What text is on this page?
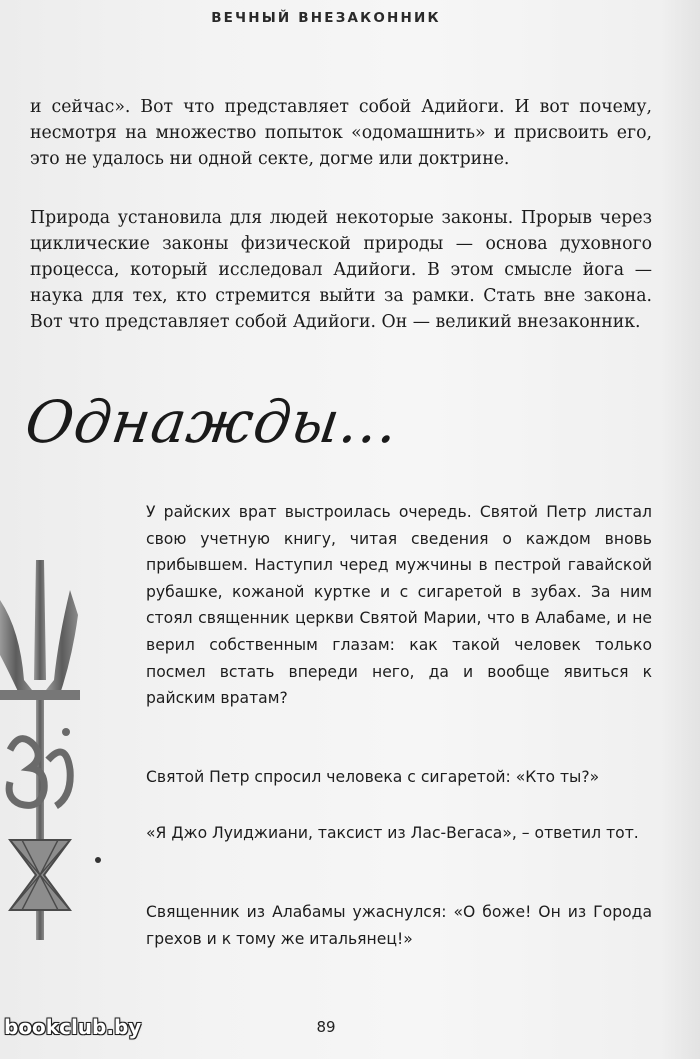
ВЕЧНЫЙ ВНЕЗАКОННИК

и сейчас». Вот что представляет собой Адийоги. И вот почему, несмотря на множество попыток «одомашнить» и присвоить его, это не удалось ни одной секте, догме или доктрине.

Природа установила для людей некоторые законы. Прорыв через циклические законы физической природы — основа духовного процесса, который исследовал Адийоги. В этом смысле йога — наука для тех, кто стремится выйти за рамки. Стать вне закона. Вот что представляет собой Адийоги. Он — великий внезаконник.

Однажды...

У райских врат выстроилась очередь. Святой Петр листал свою учетную книгу, читая сведения о каждом вновь прибывшем. Наступил черед мужчины в пестрой гавайской рубашке, кожаной куртке и с сигаретой в зубах. За ним стоял священник церкви Святой Марии, что в Алабаме, и не верил собственным глазам: как такой человек только посмел встать впереди него, да и вообще явиться к райским вратам?

Святой Петр спросил человека с сигаретой: «Кто ты?»

«Я Джо Луиджиани, таксист из Лас-Вегаса», – ответил тот.

Священник из Алабамы ужаснулся: «О боже! Он из Города грехов и к тому же итальянец!»

bookclub.by	89
